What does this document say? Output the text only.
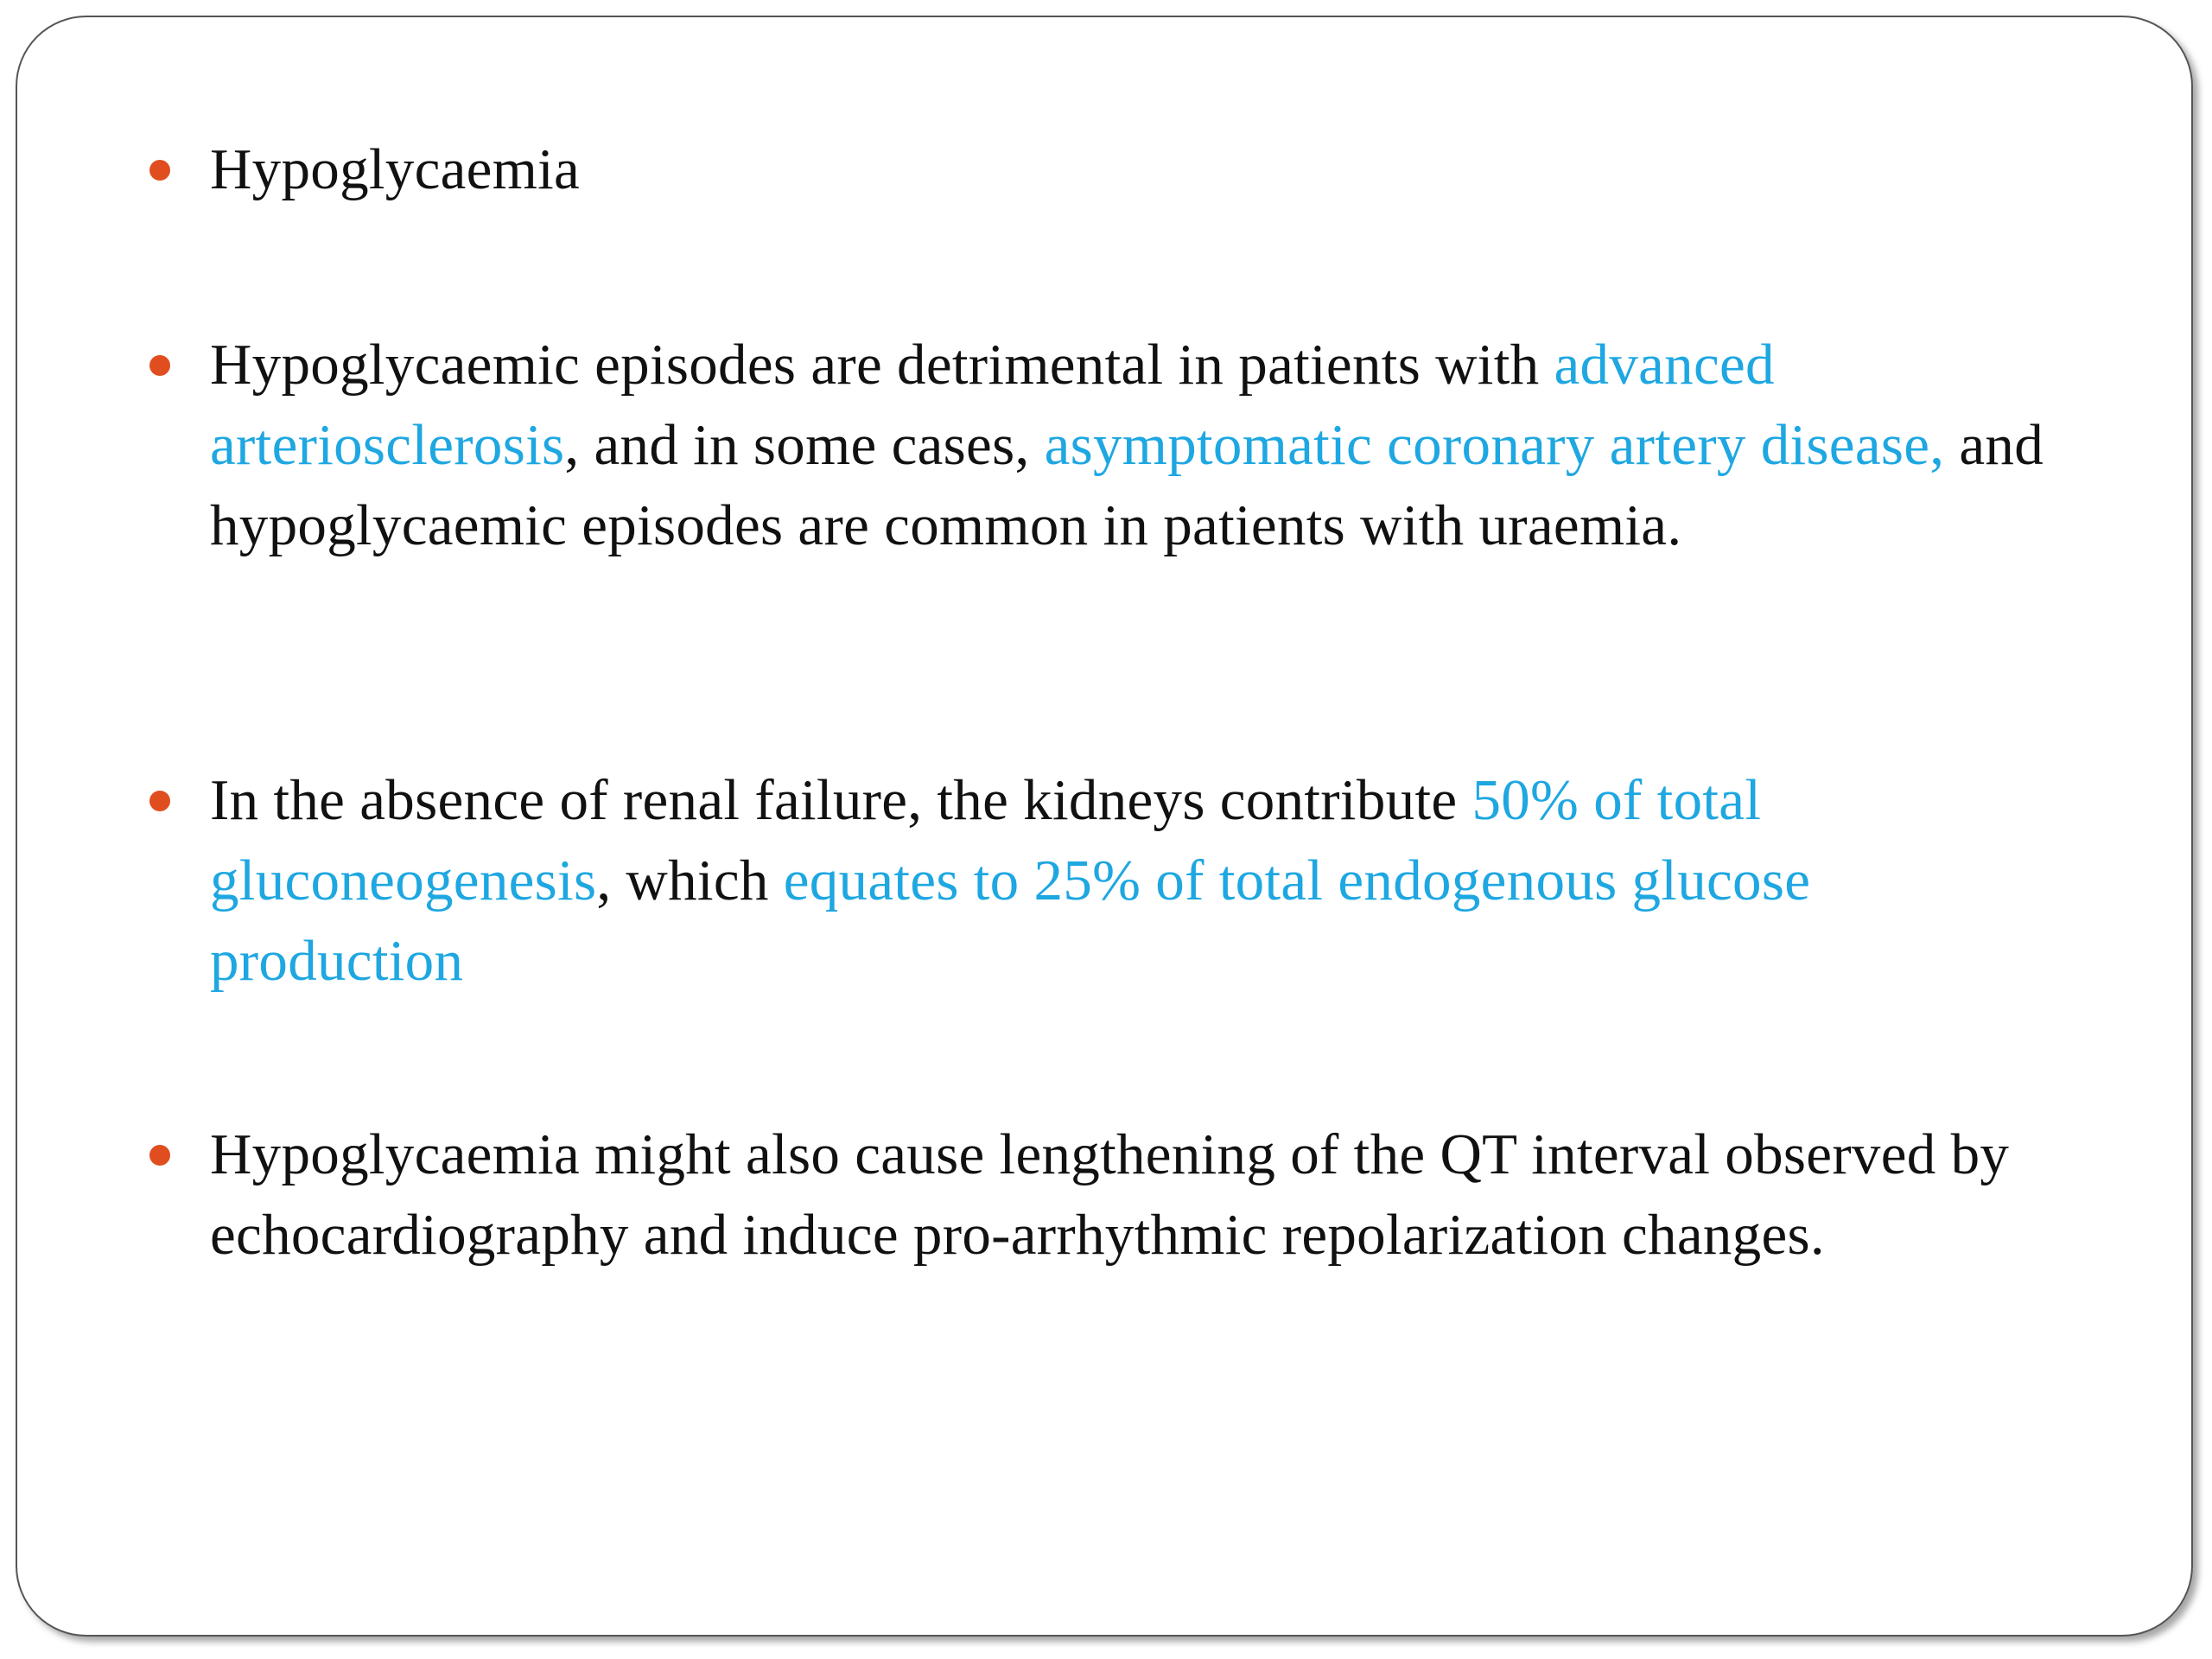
Hypoglycaemia
Hypoglycaemic episodes are detrimental in patients with advanced arteriosclerosis, and in some cases, asymptomatic coronary artery disease, and hypoglycaemic episodes are common in patients with uraemia.
In the absence of renal failure, the kidneys contribute 50% of total gluconeogenesis, which equates to 25% of total endogenous glucose production
Hypoglycaemia might also cause lengthening of the QT interval observed by echocardiography and induce pro-arrhythmic repolarization changes.
